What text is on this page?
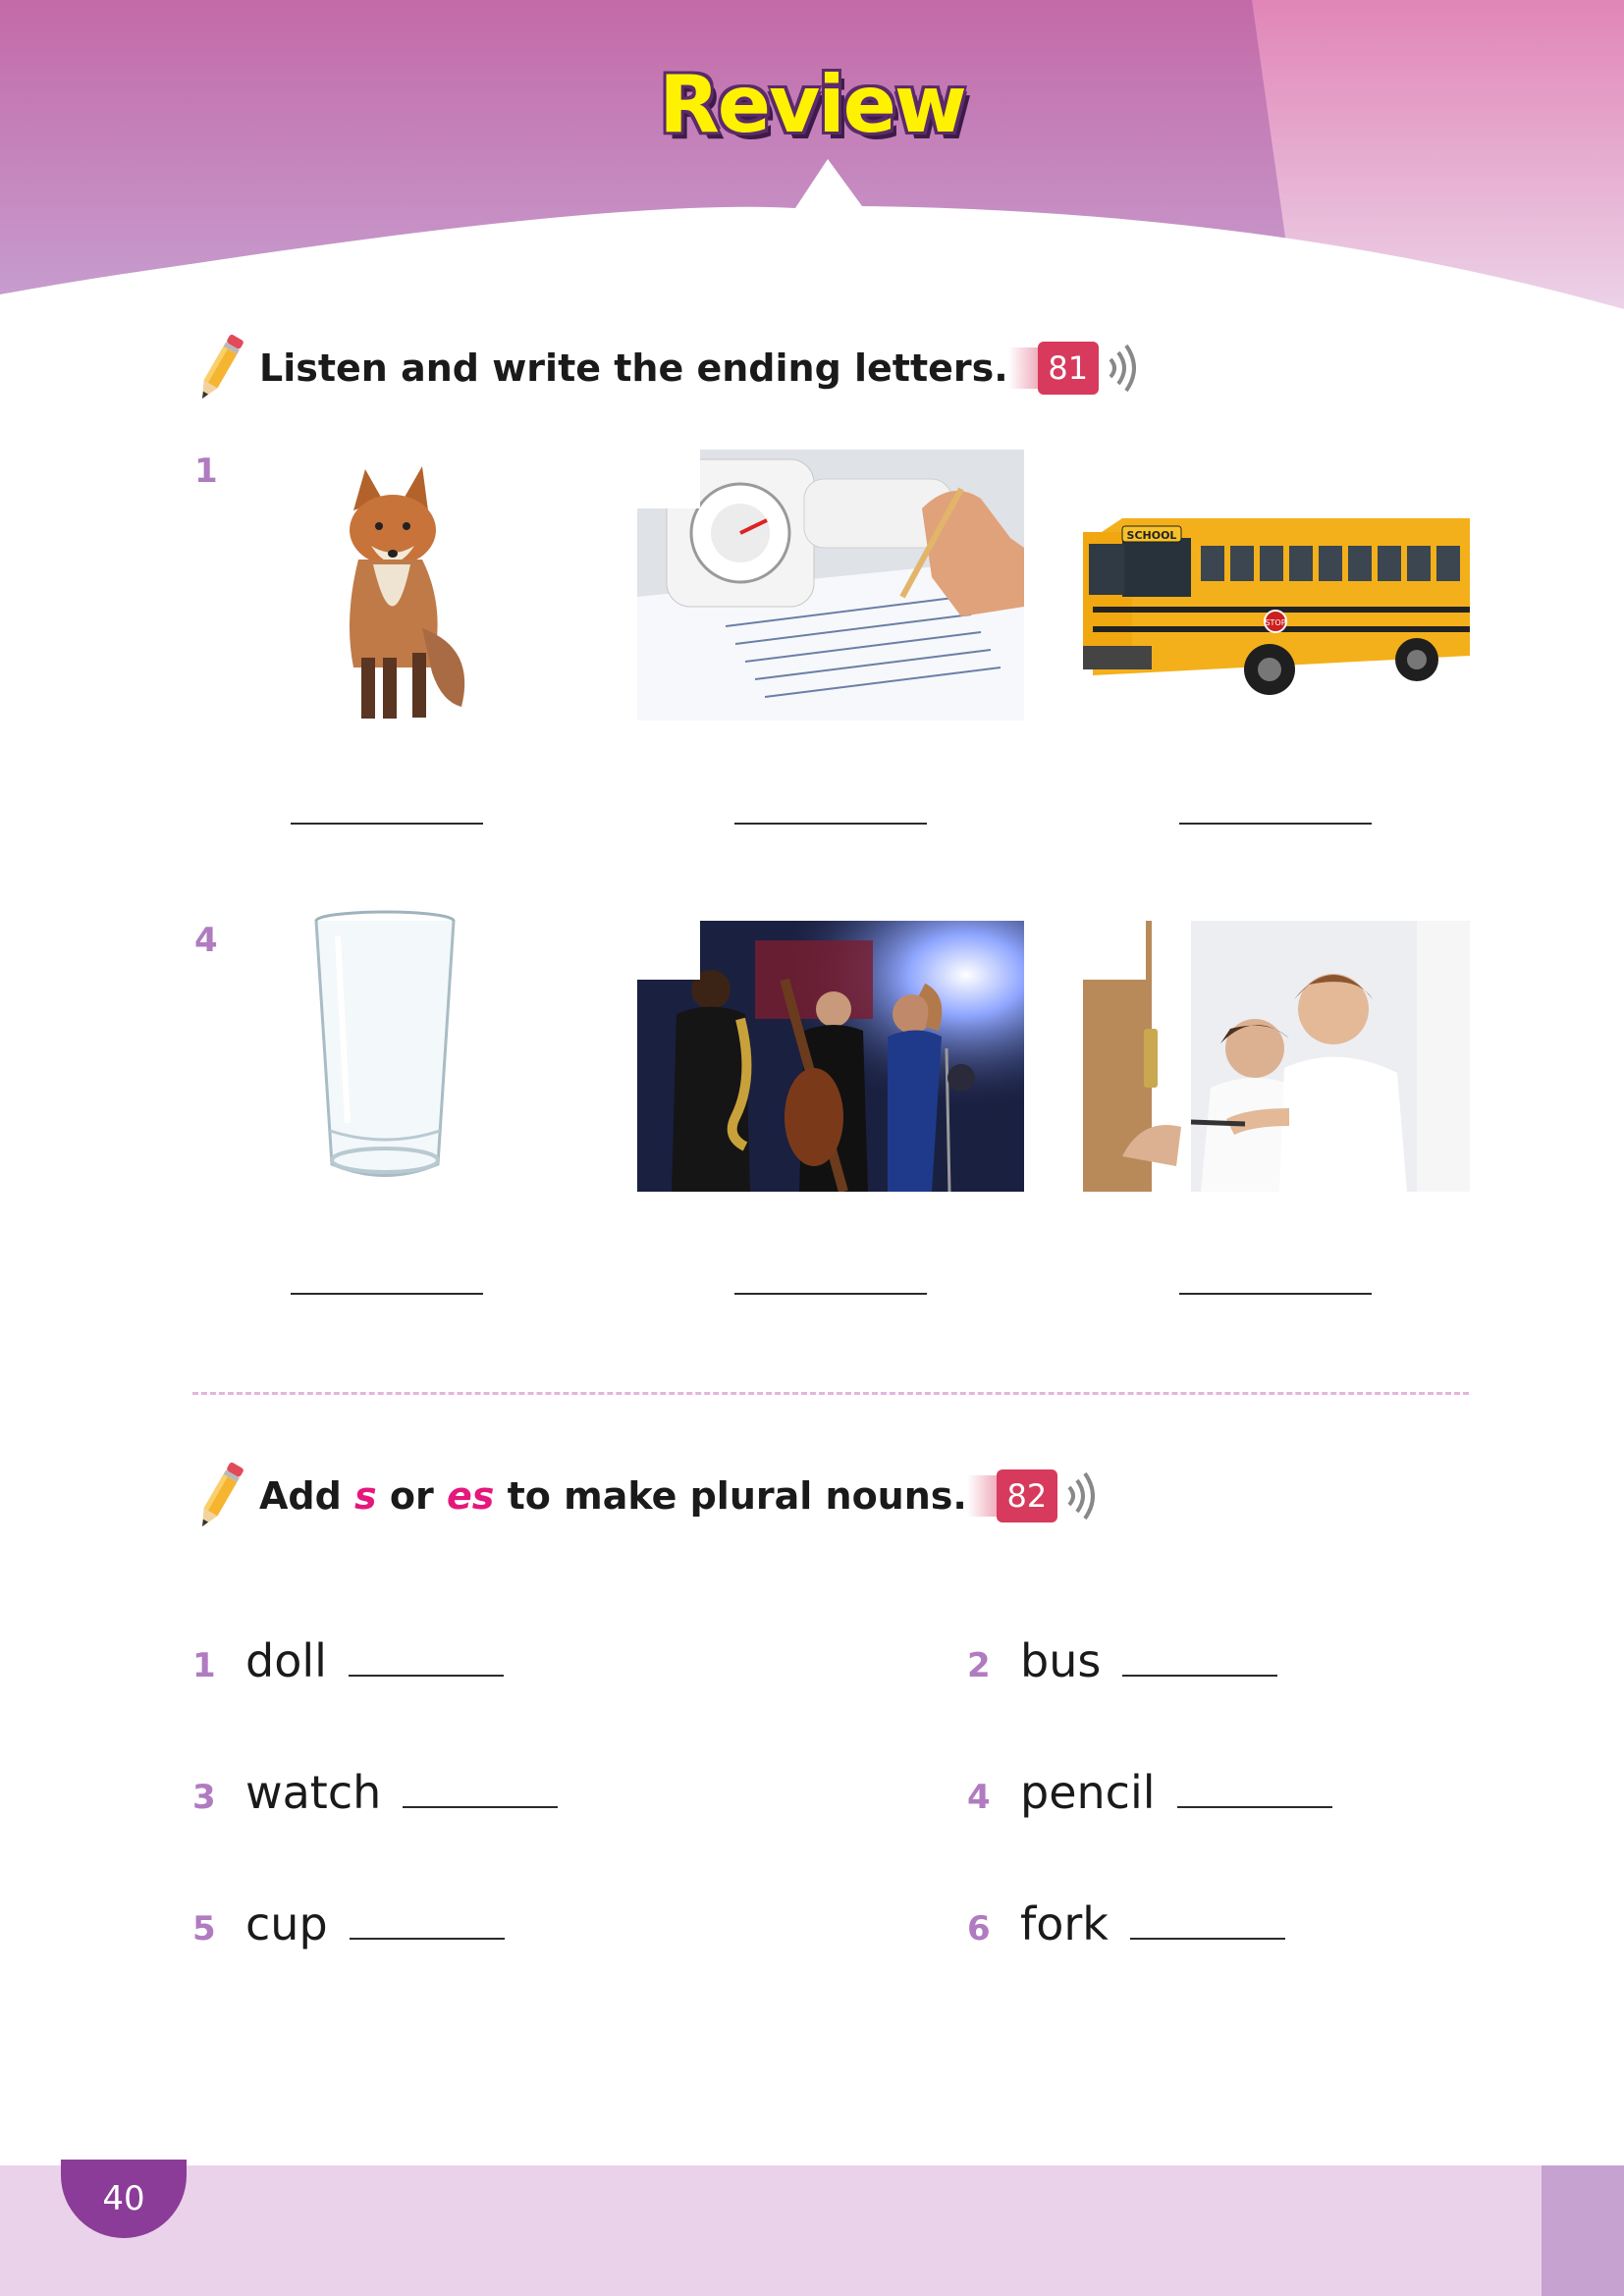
Review
Listen and write the ending letters.	81
1
4
STOP
SCHOOL
Add s or es to make plural nouns.	82
1 doll	2 bus
3 watch	4 pencil
5 cup	6 fork
40
